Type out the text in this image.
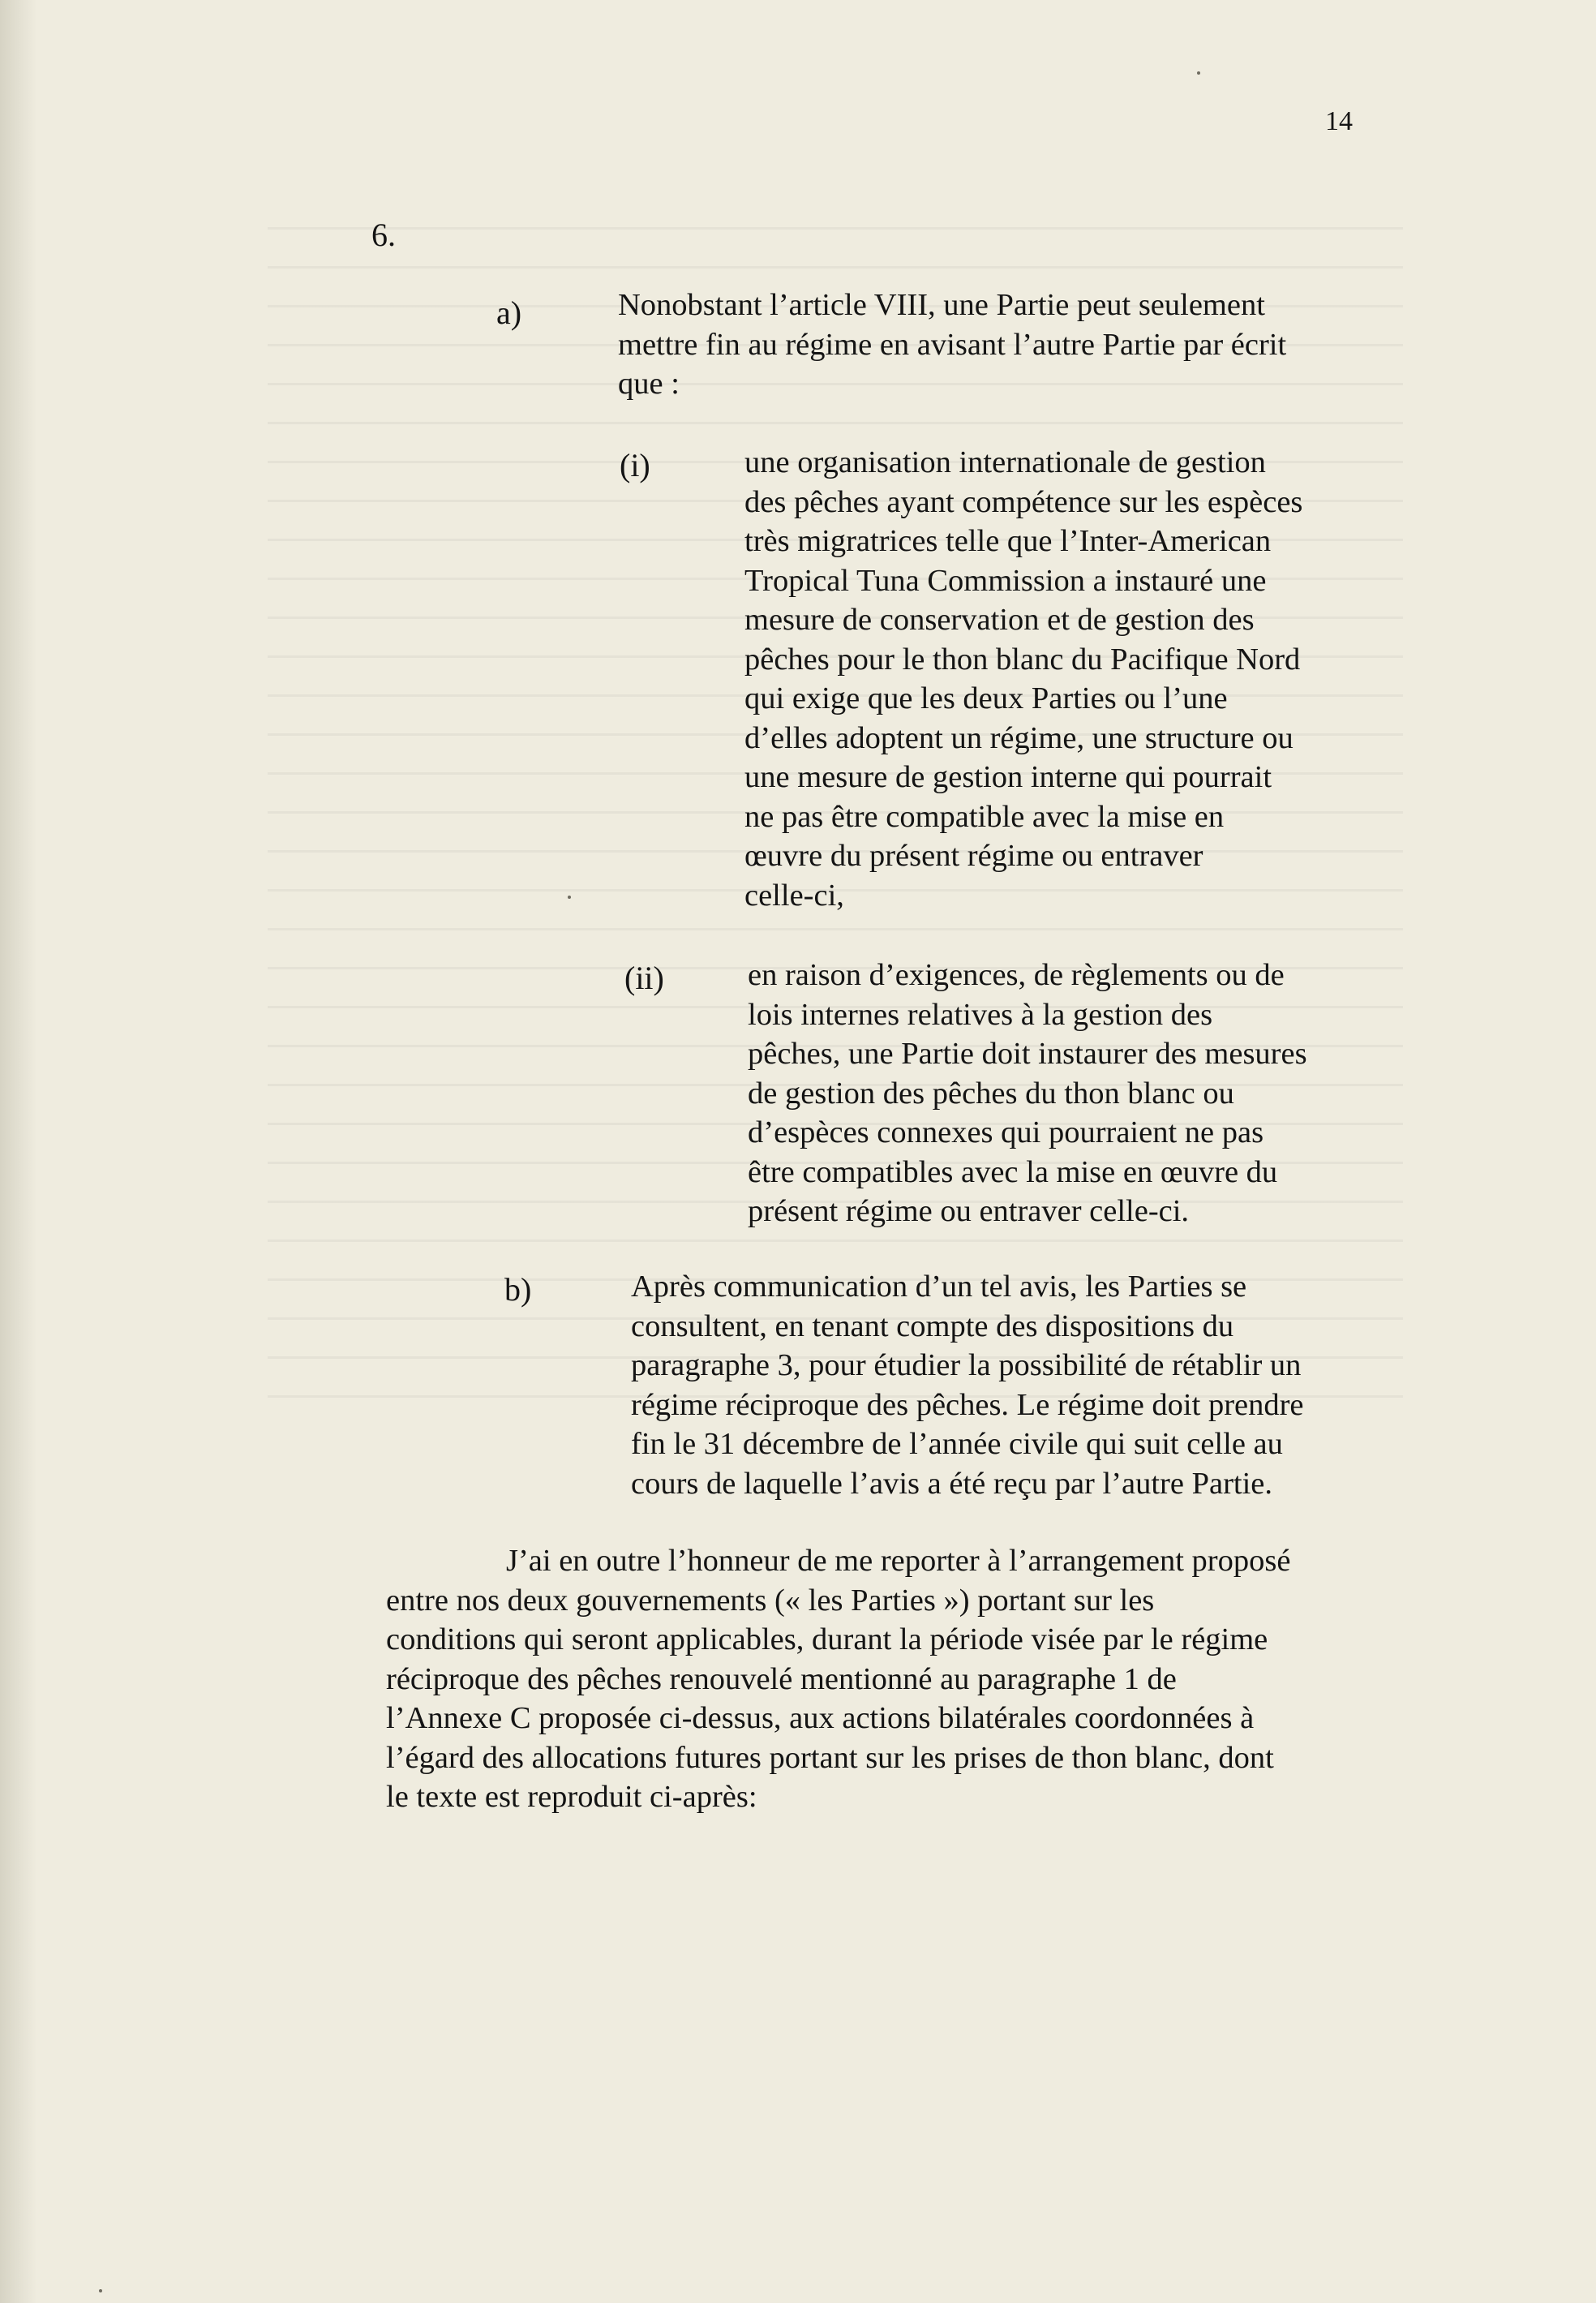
14
6.
a)	Nonobstant l’article VIII, une Partie peut seulement

mettre fin au régime en avisant l’autre Partie par écrit

que :

(i)	une organisation internationale de gestion

des pêches ayant compétence sur les espèces

très migratrices telle que l’Inter-American

Tropical Tuna Commission a instauré une

mesure de conservation et de gestion des

pêches pour le thon blanc du Pacifique Nord

qui exige que les deux Parties ou l’une

d’elles adoptent un régime, une structure ou

une mesure de gestion interne qui pourrait

ne pas être compatible avec la mise en

œuvre du présent régime ou entraver

celle-ci,

(ii)	en raison d’exigences, de règlements ou de

lois internes relatives à la gestion des

pêches, une Partie doit instaurer des mesures

de gestion des pêches du thon blanc ou

d’espèces connexes qui pourraient ne pas

être compatibles avec la mise en œuvre du

présent régime ou entraver celle-ci.

b)	Après communication d’un tel avis, les Parties se

consultent, en tenant compte des dispositions du

paragraphe 3, pour étudier la possibilité de rétablir un

régime réciproque des pêches. Le régime doit prendre

fin le 31 décembre de l’année civile qui suit celle au

cours de laquelle l’avis a été reçu par l’autre Partie.

J’ai en outre l’honneur de me reporter à l’arrangement proposé

entre nos deux gouvernements (« les Parties ») portant sur les

conditions qui seront applicables, durant la période visée par le régime

réciproque des pêches renouvelé mentionné au paragraphe 1 de

l’Annexe C proposée ci-dessus, aux actions bilatérales coordonnées à

l’égard des allocations futures portant sur les prises de thon blanc, dont

le texte est reproduit ci-après:
